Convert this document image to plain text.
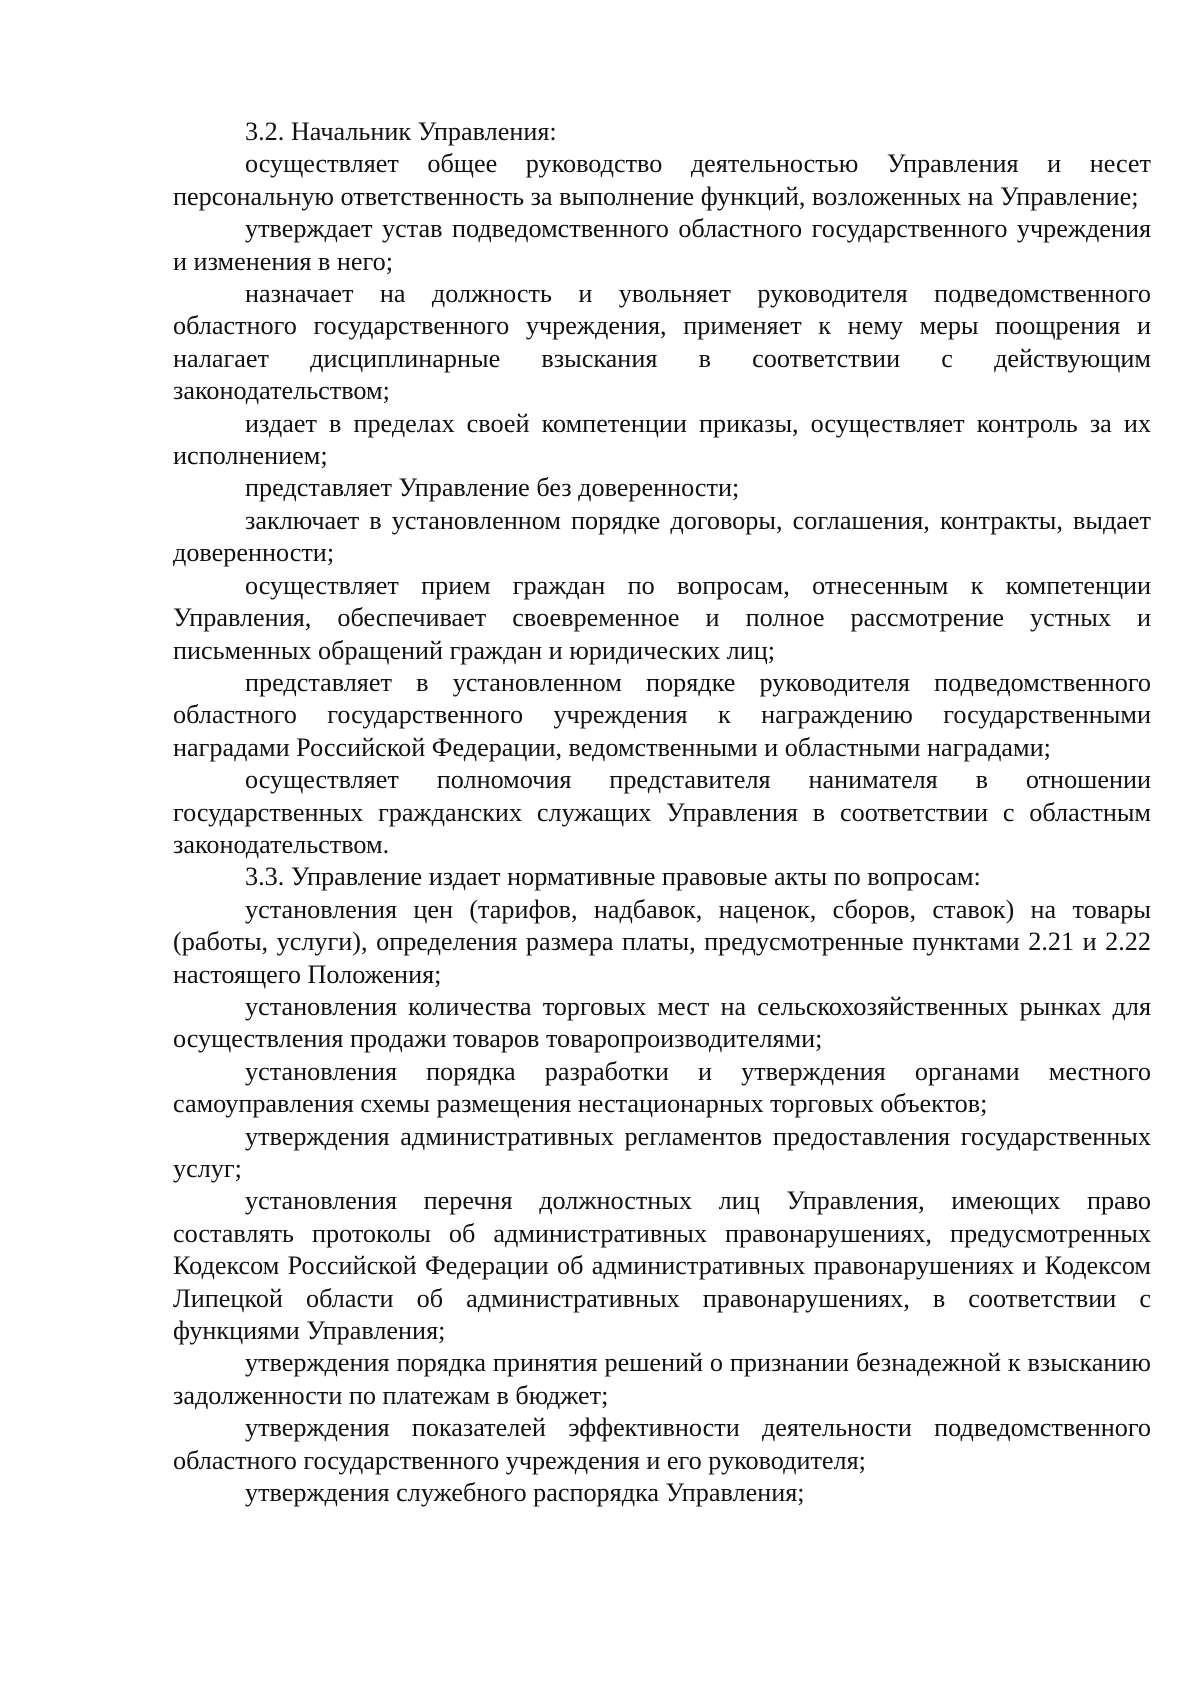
3.2. Начальник Управления:

осуществляет общее руководство деятельностью Управления и несет персональную ответственность за выполнение функций, возложенных на Управление;

утверждает устав подведомственного областного государственного учреждения и изменения в него;

назначает на должность и увольняет руководителя подведомственного областного государственного учреждения, применяет к нему меры поощрения и налагает дисциплинарные взыскания в соответствии с действующим законодательством;

издает в пределах своей компетенции приказы, осуществляет контроль за их исполнением;

представляет Управление без доверенности;

заключает в установленном порядке договоры, соглашения, контракты, выдает доверенности;

осуществляет прием граждан по вопросам, отнесенным к компетенции Управления, обеспечивает своевременное и полное рассмотрение устных и письменных обращений граждан и юридических лиц;

представляет в установленном порядке руководителя подведомственного областного государственного учреждения к награждению государственными наградами Российской Федерации, ведомственными и областными наградами;

осуществляет полномочия представителя нанимателя в отношении государственных гражданских служащих Управления в соответствии с областным законодательством.

3.3. Управление издает нормативные правовые акты по вопросам:

установления цен (тарифов, надбавок, наценок, сборов, ставок) на товары (работы, услуги), определения размера платы, предусмотренные пунктами 2.21 и 2.22 настоящего Положения;

установления количества торговых мест на сельскохозяйственных рынках для осуществления продажи товаров товаропроизводителями;

установления порядка разработки и утверждения органами местного самоуправления схемы размещения нестационарных торговых объектов;

утверждения административных регламентов предоставления государственных услуг;

установления перечня должностных лиц Управления, имеющих право составлять протоколы об административных правонарушениях, предусмотренных Кодексом Российской Федерации об административных правонарушениях и Кодексом Липецкой области об административных правонарушениях, в соответствии с функциями Управления;

утверждения порядка принятия решений о признании безнадежной к взысканию задолженности по платежам в бюджет;

утверждения показателей эффективности деятельности подведомственного областного государственного учреждения и его руководителя;

утверждения служебного распорядка Управления;
